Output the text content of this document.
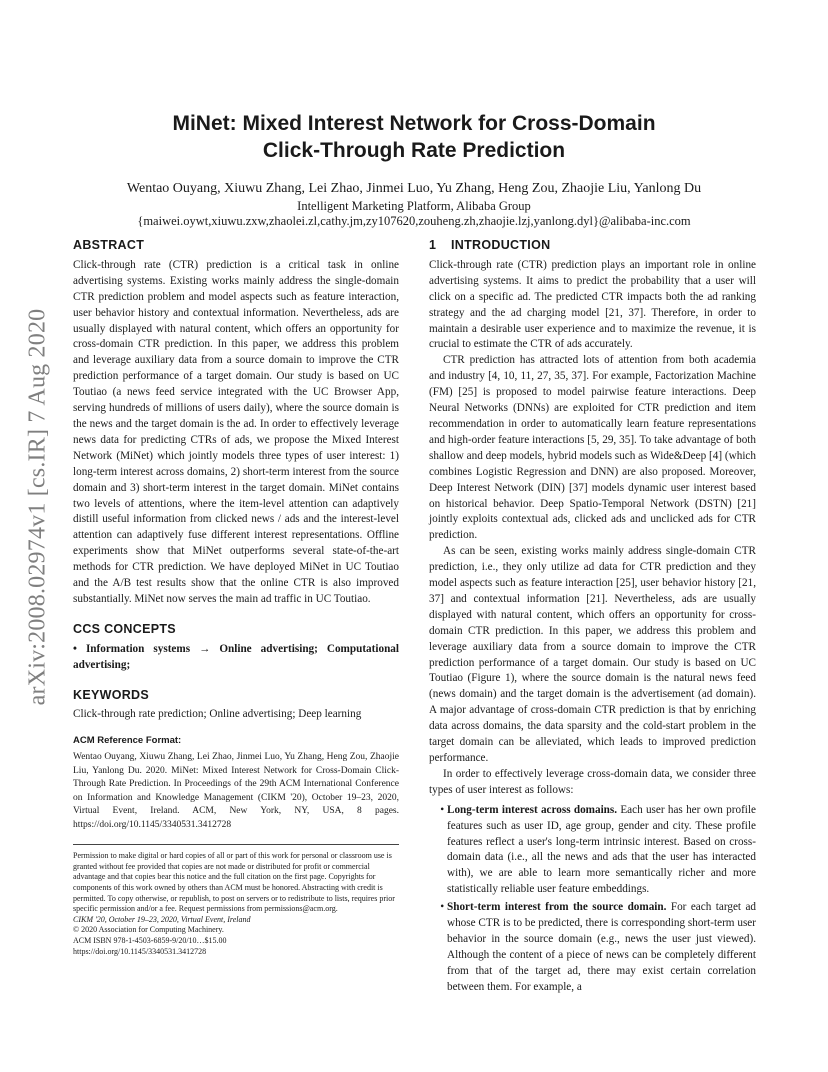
arXiv:2008.02974v1 [cs.IR] 7 Aug 2020
MiNet: Mixed Interest Network for Cross-Domain
Click-Through Rate Prediction
Wentao Ouyang, Xiuwu Zhang, Lei Zhao, Jinmei Luo, Yu Zhang, Heng Zou, Zhaojie Liu, Yanlong Du
Intelligent Marketing Platform, Alibaba Group
{maiwei.oywt,xiuwu.zxw,zhaolei.zl,cathy.jm,zy107620,zouheng.zh,zhaojie.lzj,yanlong.dyl}@alibaba-inc.com
ABSTRACT

Click-through rate (CTR) prediction is a critical task in online advertising systems. Existing works mainly address the single-domain CTR prediction problem and model aspects such as feature interaction, user behavior history and contextual information. Nevertheless, ads are usually displayed with natural content, which offers an opportunity for cross-domain CTR prediction. In this paper, we address this problem and leverage auxiliary data from a source domain to improve the CTR prediction performance of a target domain. Our study is based on UC Toutiao (a news feed service integrated with the UC Browser App, serving hundreds of millions of users daily), where the source domain is the news and the target domain is the ad. In order to effectively leverage news data for predicting CTRs of ads, we propose the Mixed Interest Network (MiNet) which jointly models three types of user interest: 1) long-term interest across domains, 2) short-term interest from the source domain and 3) short-term interest in the target domain. MiNet contains two levels of attentions, where the item-level attention can adaptively distill useful information from clicked news / ads and the interest-level attention can adaptively fuse different interest representations. Offline experiments show that MiNet outperforms several state-of-the-art methods for CTR prediction. We have deployed MiNet in UC Toutiao and the A/B test results show that the online CTR is also improved substantially. MiNet now serves the main ad traffic in UC Toutiao.

CCS CONCEPTS

• Information systems → Online advertising; Computational advertising;

KEYWORDS

Click-through rate prediction; Online advertising; Deep learning

ACM Reference Format:

Wentao Ouyang, Xiuwu Zhang, Lei Zhao, Jinmei Luo, Yu Zhang, Heng Zou, Zhaojie Liu, Yanlong Du. 2020. MiNet: Mixed Interest Network for Cross-Domain Click-Through Rate Prediction. In Proceedings of the 29th ACM International Conference on Information and Knowledge Management (CIKM '20), October 19–23, 2020, Virtual Event, Ireland. ACM, New York, NY, USA, 8 pages. https://doi.org/10.1145/3340531.3412728

Permission to make digital or hard copies of all or part of this work for personal or classroom use is granted without fee provided that copies are not made or distributed for profit or commercial advantage and that copies bear this notice and the full citation on the first page. Copyrights for components of this work owned by others than ACM must be honored. Abstracting with credit is permitted. To copy otherwise, or republish, to post on servers or to redistribute to lists, requires prior specific permission and/or a fee. Request permissions from permissions@acm.org.

CIKM '20, October 19–23, 2020, Virtual Event, Ireland

© 2020 Association for Computing Machinery.

ACM ISBN 978-1-4503-6859-9/20/10…$15.00

https://doi.org/10.1145/3340531.3412728

1 INTRODUCTION

Click-through rate (CTR) prediction plays an important role in online advertising systems. It aims to predict the probability that a user will click on a specific ad. The predicted CTR impacts both the ad ranking strategy and the ad charging model [21, 37]. Therefore, in order to maintain a desirable user experience and to maximize the revenue, it is crucial to estimate the CTR of ads accurately.

CTR prediction has attracted lots of attention from both academia and industry [4, 10, 11, 27, 35, 37]. For example, Factorization Machine (FM) [25] is proposed to model pairwise feature interactions. Deep Neural Networks (DNNs) are exploited for CTR prediction and item recommendation in order to automatically learn feature representations and high-order feature interactions [5, 29, 35]. To take advantage of both shallow and deep models, hybrid models such as Wide&Deep [4] (which combines Logistic Regression and DNN) are also proposed. Moreover, Deep Interest Network (DIN) [37] models dynamic user interest based on historical behavior. Deep Spatio-Temporal Network (DSTN) [21] jointly exploits contextual ads, clicked ads and unclicked ads for CTR prediction.

As can be seen, existing works mainly address single-domain CTR prediction, i.e., they only utilize ad data for CTR prediction and they model aspects such as feature interaction [25], user behavior history [21, 37] and contextual information [21]. Nevertheless, ads are usually displayed with natural content, which offers an opportunity for cross-domain CTR prediction. In this paper, we address this problem and leverage auxiliary data from a source domain to improve the CTR prediction performance of a target domain. Our study is based on UC Toutiao (Figure 1), where the source domain is the natural news feed (news domain) and the target domain is the advertisement (ad domain). A major advantage of cross-domain CTR prediction is that by enriching data across domains, the data sparsity and the cold-start problem in the target domain can be alleviated, which leads to improved prediction performance.

In order to effectively leverage cross-domain data, we consider three types of user interest as follows:

• Long-term interest across domains. Each user has her own profile features such as user ID, age group, gender and city. These profile features reflect a user's long-term intrinsic interest. Based on cross-domain data (i.e., all the news and ads that the user has interacted with), we are able to learn more semantically richer and more statistically reliable user feature embeddings.
• Short-term interest from the source domain. For each target ad whose CTR is to be predicted, there is corresponding short-term user behavior in the source domain (e.g., news the user just viewed). Although the content of a piece of news can be completely different from that of the target ad, there may exist certain correlation between them. For example, a
